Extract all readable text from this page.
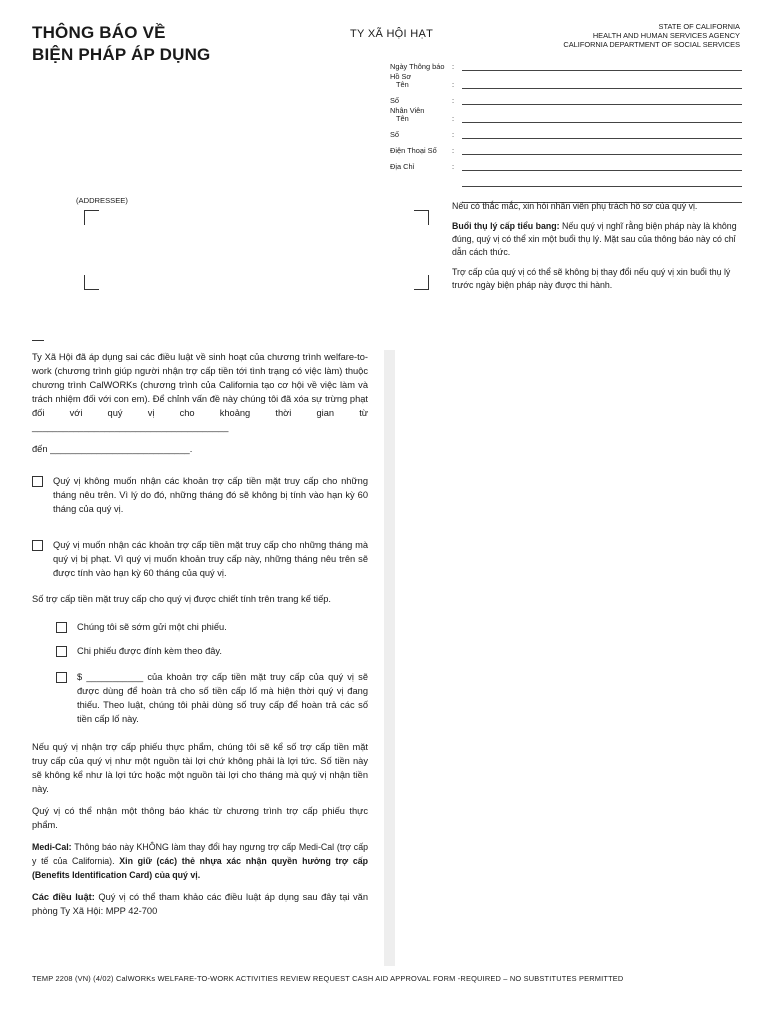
THÔNG BÁO VỀ
BIỆN PHÁP ÁP DỤNG
TY XÃ HỘI HẠT
STATE OF CALIFORNIA
HEALTH AND HUMAN SERVICES AGENCY
CALIFORNIA DEPARTMENT OF SOCIAL SERVICES
Ngày Thông báo	:
Hồ Sơ
Tên	:
Số	:
Nhân Viên
Tên	:
Số	:
Điện Thoại Số	:
Địa Chỉ	:
(ADDRESSEE)

Nếu có thắc mắc, xin hỏi nhân viên phụ trách hồ sơ của quý vị.

Buổi thụ lý cấp tiểu bang: Nếu quý vị nghĩ rằng biện pháp này là không đúng, quý vị có thể xin một buổi thụ lý. Mặt sau của thông báo này có chỉ dẫn cách thức.

Trợ cấp của quý vị có thể sẽ không bị thay đổi nếu quý vị xin buổi thụ lý trước ngày biện pháp này được thi hành.

Ty Xã Hội đã áp dụng sai các điều luật về sinh hoạt của chương trình welfare-to-work (chương trình giúp người nhận trợ cấp tiền tới tình trạng có việc làm) thuộc chương trình CalWORKs (chương trình của California tạo cơ hội về việc làm và trách nhiệm đối với con em). Để chỉnh vấn đề này chúng tôi đã xóa sự trừng phạt đối với quý vị cho khoảng thời gian từ ______________________________________

đến ___________________________.

Quý vị không muốn nhận các khoản trợ cấp tiền mặt truy cấp cho những tháng nêu trên. Vì lý do đó, những tháng đó sẽ không bị tính vào hạn kỳ 60 tháng của quý vị.
Quý vị muốn nhận các khoản trợ cấp tiền mặt truy cấp cho những tháng mà quý vị bị phạt. Vì quý vị muốn khoản truy cấp này, những tháng nêu trên sẽ được tính vào hạn kỳ 60 tháng của quý vị.

Số trợ cấp tiền mặt truy cấp cho quý vị được chiết tính trên trang kế tiếp.

Chúng tôi sẽ sớm gửi một chi phiếu.
Chi phiếu được đính kèm theo đây.
$ ___________ của khoản trợ cấp tiền mặt truy cấp của quý vị sẽ được dùng để hoàn trả cho số tiền cấp lố mà hiện thời quý vị đang thiếu. Theo luật, chúng tôi phải dùng số truy cấp để hoàn trả các số tiền cấp lố này.

Nếu quý vị nhận trợ cấp phiếu thực phẩm, chúng tôi sẽ kể số trợ cấp tiền mặt truy cấp của quý vị như một nguồn tài lợi chứ không phải là lợi tức. Số tiền này sẽ không kể như là lợi tức hoặc một nguồn tài lợi cho tháng mà quý vị nhận tiền này.

Quý vị có thể nhận một thông báo khác từ chương trình trợ cấp phiếu thực phẩm.

Medi-Cal: Thông báo này KHÔNG làm thay đổi hay ngưng trợ cấp Medi-Cal (trợ cấp y tế của California). Xin giữ (các) thẻ nhựa xác nhận quyền hưởng trợ cấp (Benefits Identification Card) của quý vị.

Các điều luật: Quý vị có thể tham khảo các điều luật áp dụng sau đây tại văn phòng Ty Xã Hội: MPP 42-700

TEMP 2208 (VN) (4/02) CalWORKs WELFARE-TO-WORK ACTIVITIES REVIEW REQUEST CASH AID APPROVAL FORM -REQUIRED – NO SUBSTITUTES PERMITTED
